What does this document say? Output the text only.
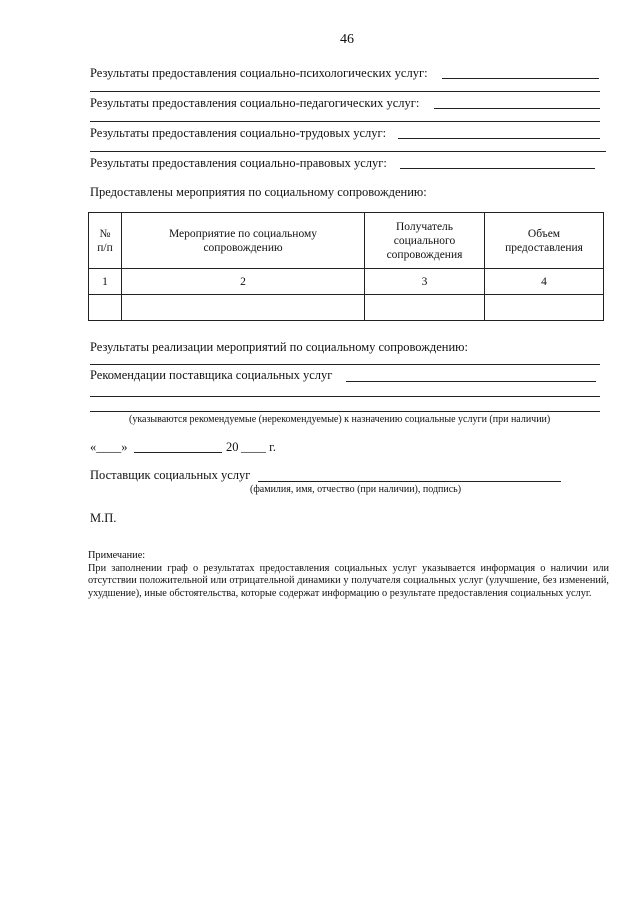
46
Результаты предоставления социально-психологических услуг:
Результаты предоставления социально-педагогических услуг:
Результаты предоставления социально-трудовых услуг:
Результаты предоставления социально-правовых услуг:
Предоставлены мероприятия по социальному сопровождению:
№ п/п	Мероприятие по социальному сопровождению	Получатель социального сопровождения	Объем предоставления
1	2	3	4

Результаты реализации мероприятий по социальному сопровождению:
Рекомендации поставщика социальных услуг
(указываются рекомендуемые (нерекомендуемые) к назначению социальные услуги (при наличии)
«____»	20 ____ г.
Поставщик социальных услуг
(фамилия, имя, отчество (при наличии), подпись)
М.П.

Примечание:

При заполнении граф о результатах предоставления социальных услуг указывается информация о наличии или отсутствии положительной или отрицательной динамики у получателя социальных услуг (улучшение, без изменений, ухудшение), иные обстоятельства, которые содержат информацию о результате предоставления социальных услуг.
